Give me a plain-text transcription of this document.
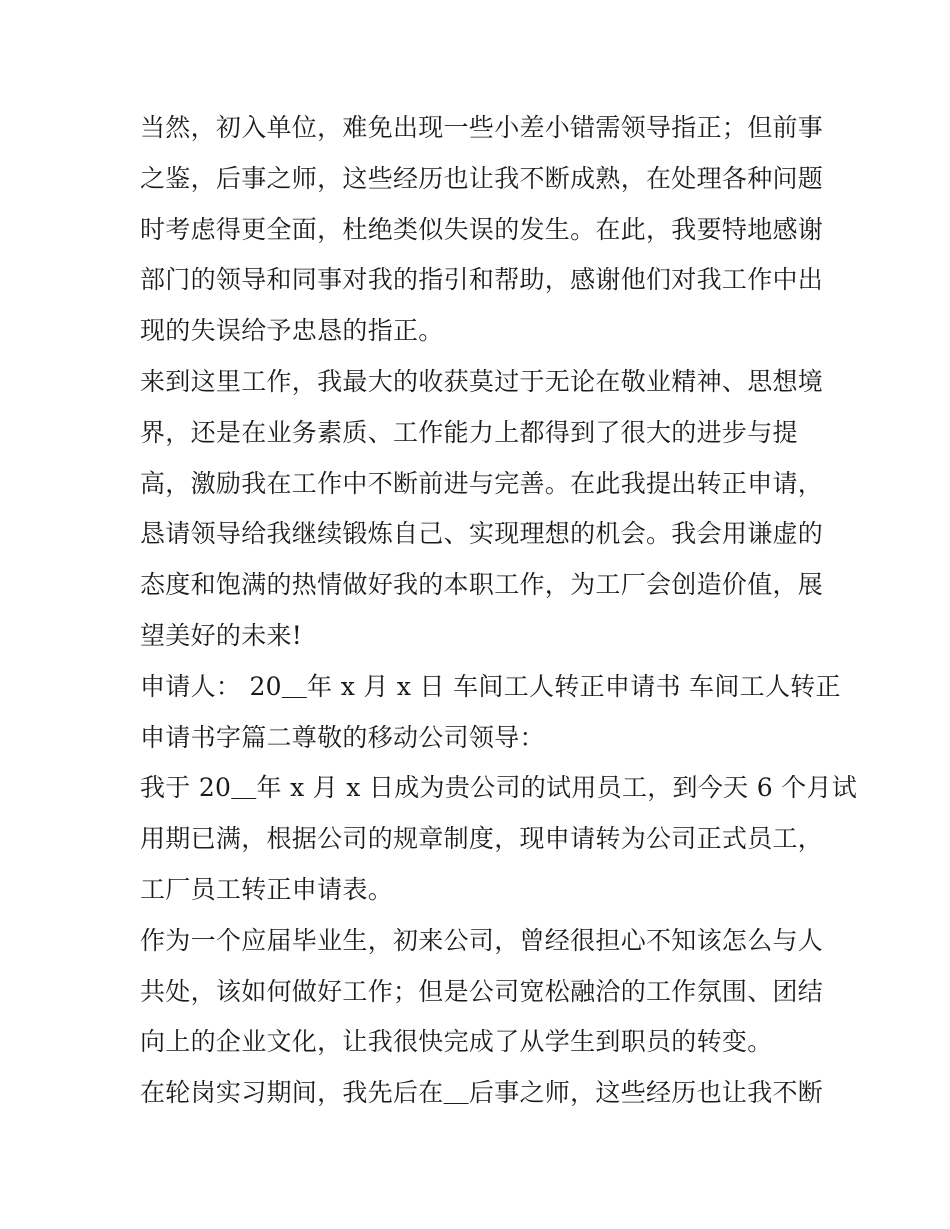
当然，初入单位，难免出现一些小差小错需领导指正；但前事
之鉴，后事之师，这些经历也让我不断成熟，在处理各种问题
时考虑得更全面，杜绝类似失误的发生。在此，我要特地感谢
部门的领导和同事对我的指引和帮助，感谢他们对我工作中出
现的失误给予忠恳的指正。

来到这里工作，我最大的收获莫过于无论在敬业精神、思想境
界，还是在业务素质、工作能力上都得到了很大的进步与提
高，激励我在工作中不断前进与完善。在此我提出转正申请，
恳请领导给我继续锻炼自己、实现理想的机会。我会用谦虚的
态度和饱满的热情做好我的本职工作，为工厂会创造价值，展
望美好的未来!

申请人： 20＿年 x 月 x 日 车间工人转正申请书 车间工人转正
申请书字篇二尊敬的移动公司领导：

我于 20＿年 x 月 x 日成为贵公司的试用员工，到今天 6 个月试
用期已满，根据公司的规章制度，现申请转为公司正式员工，
工厂员工转正申请表。

作为一个应届毕业生，初来公司，曾经很担心不知该怎么与人
共处，该如何做好工作；但是公司宽松融洽的工作氛围、团结
向上的企业文化，让我很快完成了从学生到职员的转变。

在轮岗实习期间，我先后在＿后事之师，这些经历也让我不断
